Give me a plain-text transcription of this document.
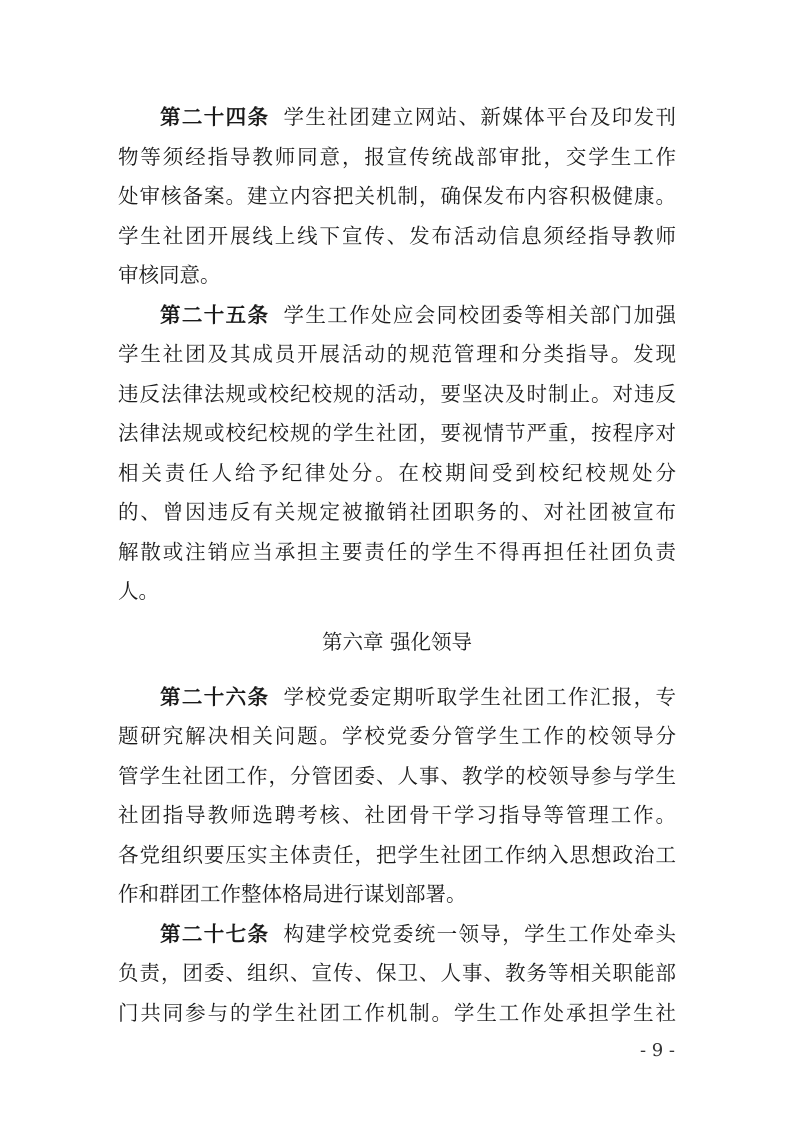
第二十四条 学生社团建立网站、新媒体平台及印发刊
物等须经指导教师同意，报宣传统战部审批，交学生工作
处审核备案。建立内容把关机制，确保发布内容积极健康。
学生社团开展线上线下宣传、发布活动信息须经指导教师
审核同意。
第二十五条 学生工作处应会同校团委等相关部门加强
学生社团及其成员开展活动的规范管理和分类指导。发现
违反法律法规或校纪校规的活动，要坚决及时制止。对违反
法律法规或校纪校规的学生社团，要视情节严重，按程序对
相关责任人给予纪律处分。在校期间受到校纪校规处分
的、曾因违反有关规定被撤销社团职务的、对社团被宣布
解散或注销应当承担主要责任的学生不得再担任社团负责
人。
第六章 强化领导
第二十六条 学校党委定期听取学生社团工作汇报，专
题研究解决相关问题。学校党委分管学生工作的校领导分
管学生社团工作，分管团委、人事、教学的校领导参与学生
社团指导教师选聘考核、社团骨干学习指导等管理工作。
各党组织要压实主体责任，把学生社团工作纳入思想政治工
作和群团工作整体格局进行谋划部署。
第二十七条 构建学校党委统一领导，学生工作处牵头
负责，团委、组织、宣传、保卫、人事、教务等相关职能部
门共同参与的学生社团工作机制。学生工作处承担学生社
- 9 -
